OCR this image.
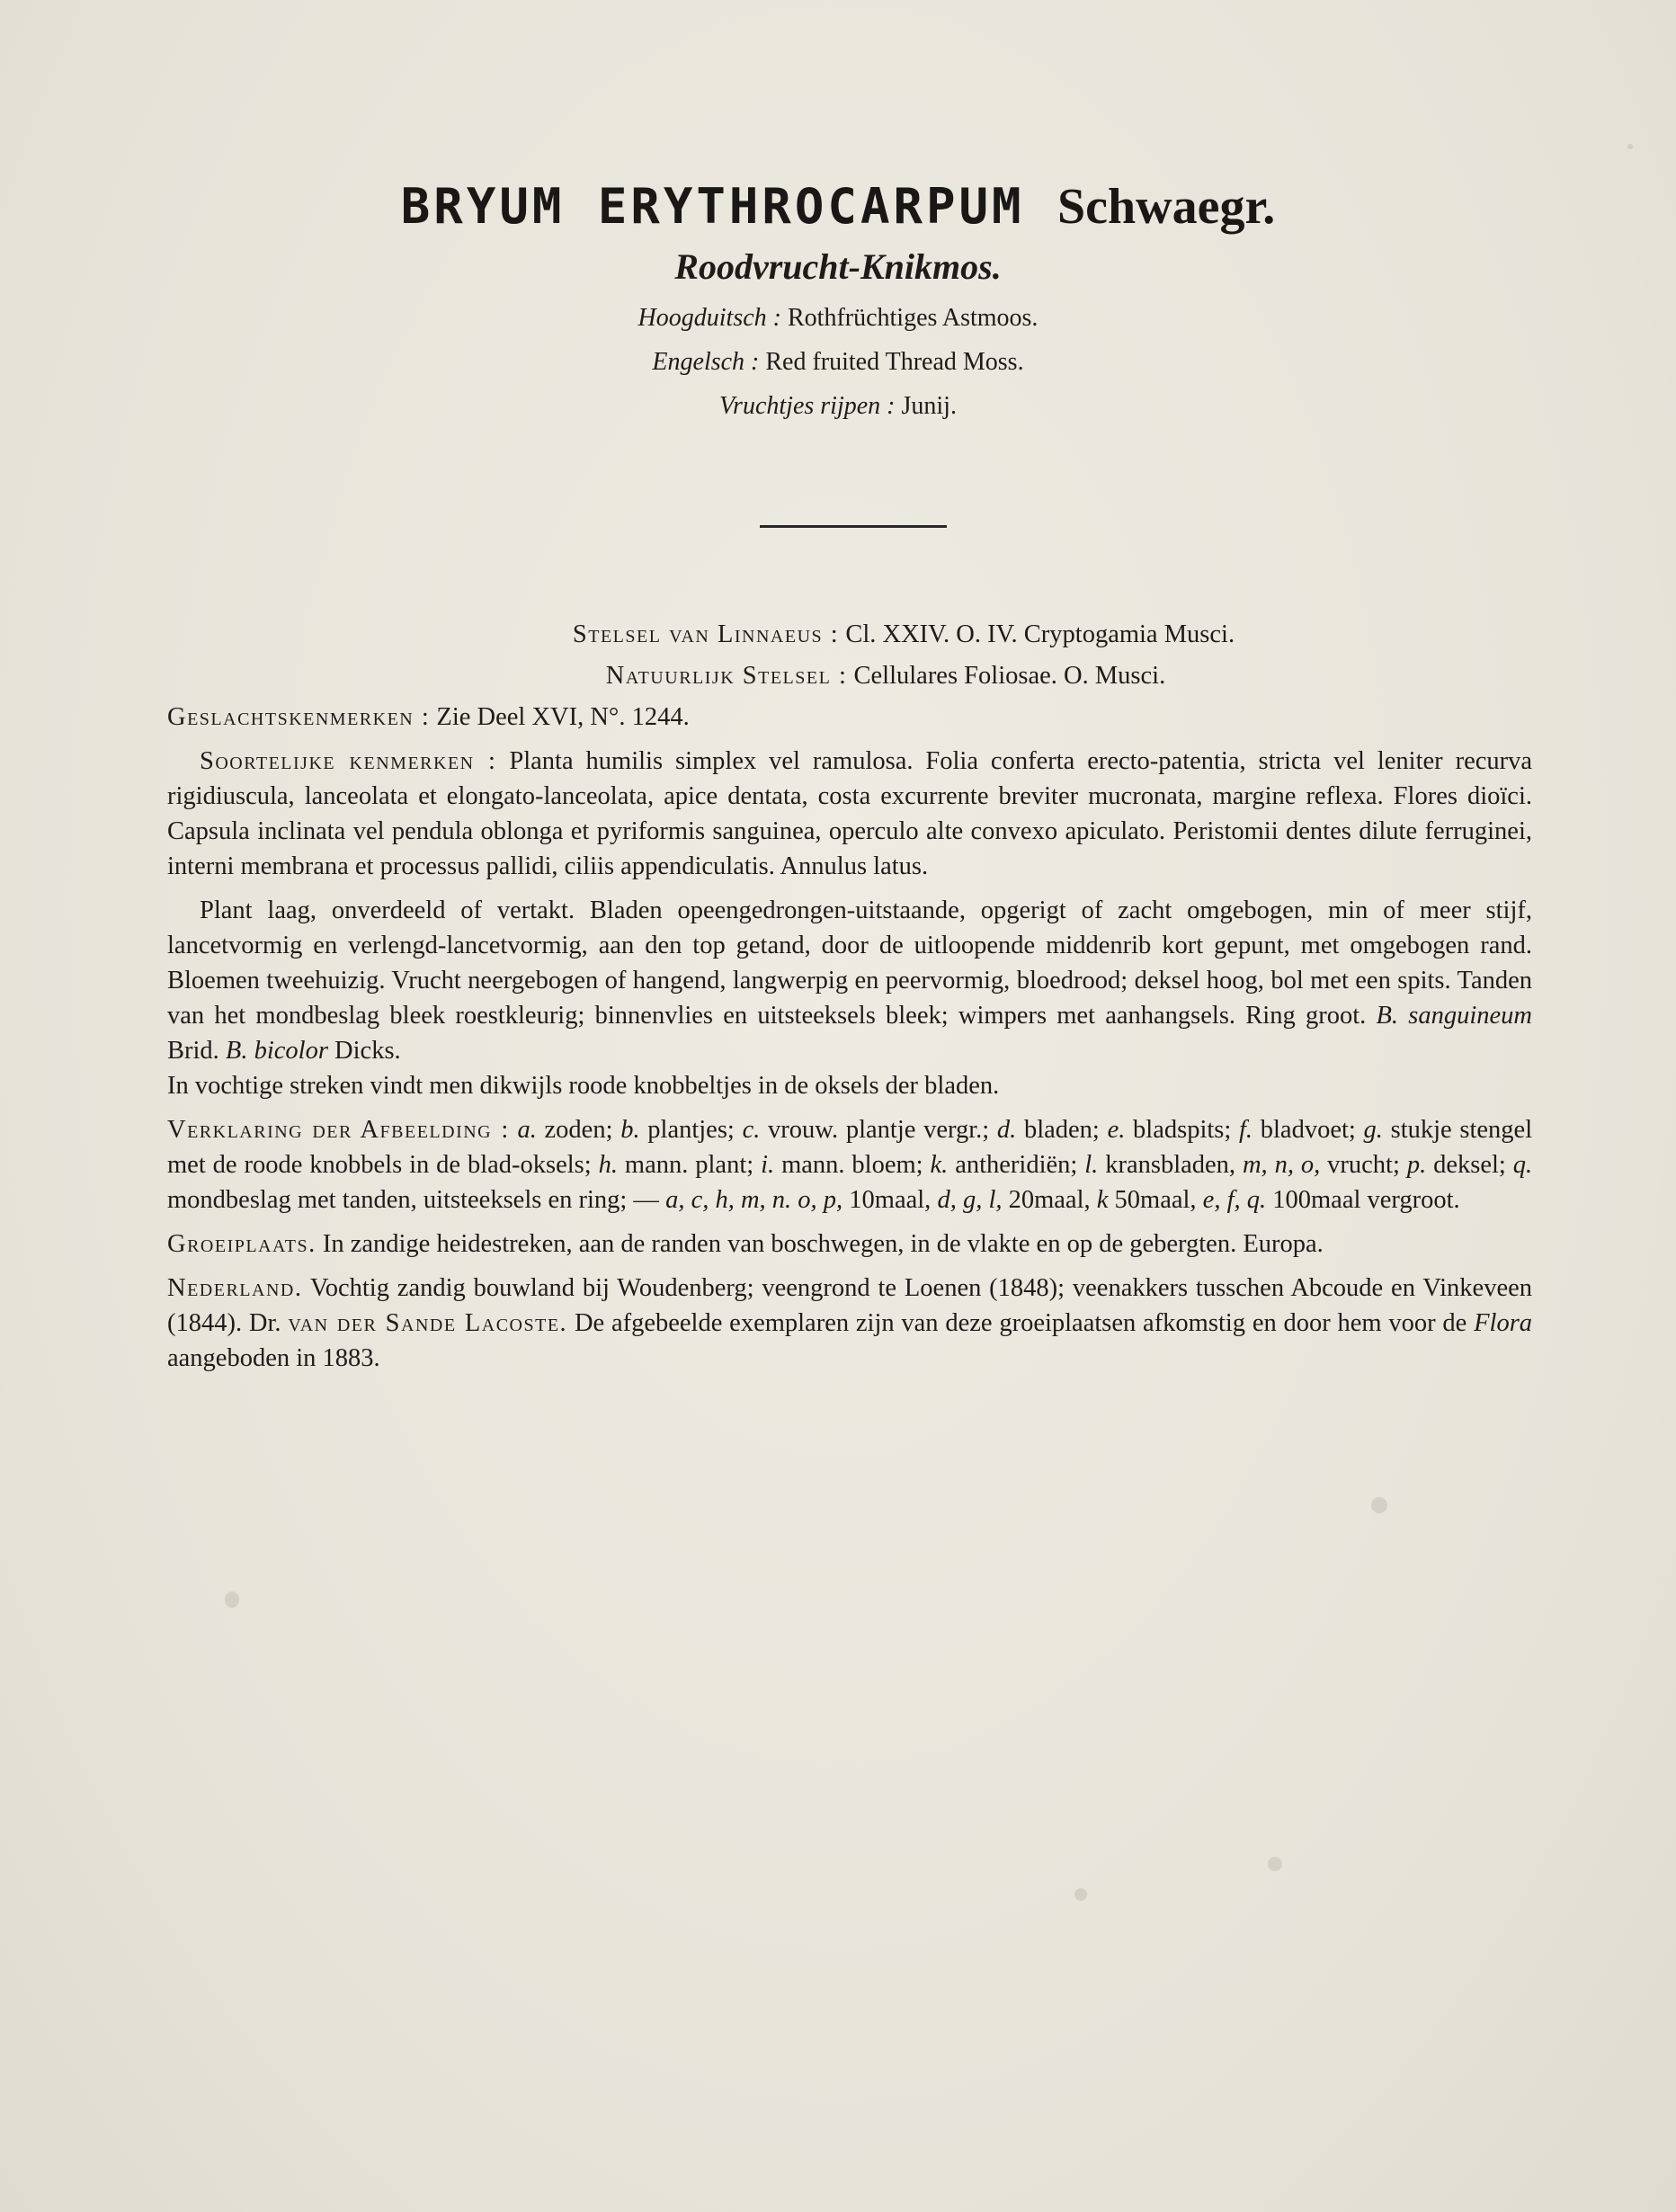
BRYUM ERYTHROCARPUM Schwaegr.
Roodvrucht-Knikmos.
Hoogduitsch : Rothfrüchtiges Astmoos.
Engelsch : Red fruited Thread Moss.
Vruchtjes rijpen : Junij.
Stelsel van Linnaeus : Cl. XXIV. O. IV. Cryptogamia Musci.
Natuurlijk Stelsel : Cellulares Foliosae. O. Musci.

Geslachtskenmerken : Zie Deel XVI, N°. 1244.

Soortelijke kenmerken : Planta humilis simplex vel ramulosa. Folia conferta erecto-patentia, stricta vel leniter recurva rigidiuscula, lanceolata et elongato-lanceolata, apice dentata, costa excurrente breviter mucronata, margine reflexa. Flores dioïci. Capsula inclinata vel pendula oblonga et pyriformis sanguinea, operculo alte convexo apiculato. Peristomii dentes dilute ferruginei, interni membrana et processus pallidi, ciliis appendiculatis. Annulus latus.

Plant laag, onverdeeld of vertakt. Bladen opeengedrongen-uitstaande, opgerigt of zacht omgebogen, min of meer stijf, lancetvormig en verlengd-lancetvormig, aan den top getand, door de uitloopende middenrib kort gepunt, met omgebogen rand. Bloemen tweehuizig. Vrucht neergebogen of hangend, langwerpig en peervormig, bloedrood; deksel hoog, bol met een spits. Tanden van het mondbeslag bleek roestkleurig; binnenvlies en uitsteeksels bleek; wimpers met aanhangsels. Ring groot. B. sanguineum Brid. B. bicolor Dicks.
In vochtige streken vindt men dikwijls roode knobbeltjes in de oksels der bladen.

Verklaring der Afbeelding : a. zoden; b. plantjes; c. vrouw. plantje vergr.; d. bladen; e. bladspits; f. bladvoet; g. stukje stengel met de roode knobbels in de blad-oksels; h. mann. plant; i. mann. bloem; k. antheridiën; l. kransbladen, m, n, o, vrucht; p. deksel; q. mondbeslag met tanden, uitsteeksels en ring; — a, c, h, m, n. o, p, 10maal, d, g, l, 20maal, k 50maal, e, f, q. 100maal vergroot.

Groeiplaats. In zandige heidestreken, aan de randen van boschwegen, in de vlakte en op de gebergten. Europa.

Nederland. Vochtig zandig bouwland bij Woudenberg; veengrond te Loenen (1848); veenakkers tusschen Abcoude en Vinkeveen (1844). Dr. van der Sande Lacoste. De afgebeelde exemplaren zijn van deze groeiplaatsen afkomstig en door hem voor de Flora aangeboden in 1883.
